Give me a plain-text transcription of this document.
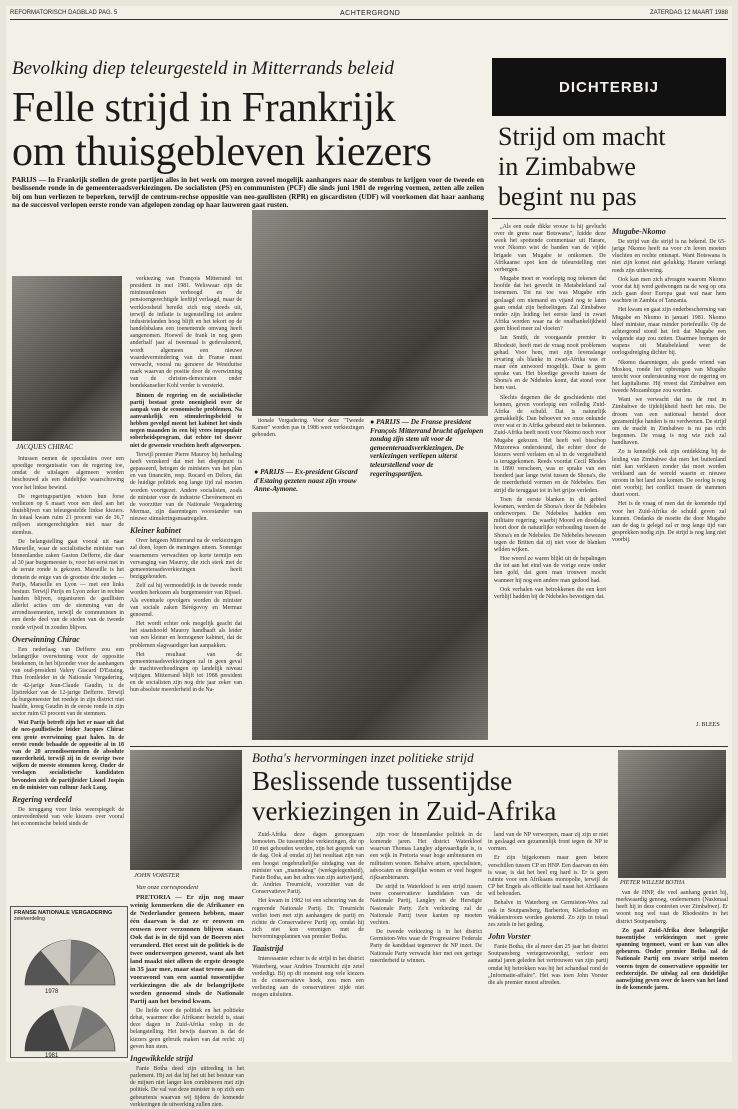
REFORMATORISCH DAGBLAD PAG. 5	ACHTERGROND	ZATERDAG 12 MAART 1988
Bevolking diep teleurgesteld in Mitterrands beleid
Felle strijd in Frankrijk
om thuisgebleven kiezers
PARIJS — In Frankrijk stellen de grote partijen alles in het werk om morgen zoveel mogelijk aanhangers naar de stembus te krijgen voor de tweede en beslissende ronde in de gemeenteraadsverkiezingen. De socialisten (PS) en communisten (PCF) die sinds juni 1981 de regering vormen, zetten alle zeilen bij om hun verliezen te beperken, terwijl de centrum-rechse oppositie van neo-gaullisten (RPR) en giscardisten (UDF) wil voorkomen dat haar aanhang na de succesvol verlopen eerste ronde van afgelopen zondag op haar lauweren gaat rusten.
JACQUES CHIRAC

Intussen nemen de speculaties over een spoedige reorganisatie van de regering toe, omdat de uitslagen algemeen worden beschouwd als een duidelijke waarschuwing voor het linkse bewind.

De regeringspartijen wisten hun forse verliezen op 6 maart voor een deel aan het thuisblijven van teleurgestelde linkse kiezers. In totaal kwam ruim 21 procent van de 36,7 miljoen stemgerechtigden niet naar de stembus.

De belangstelling gaat vooral uit naar Marseille, waar de socialistische minister van binnenlandse zaken Gaston Defferre, die daar al 30 jaar burgemeester is, voor het eerst met in de eerste ronde is gekozen. Marseille is het domein de enige van de grootste drie steden — Parijs, Marseille en Lyon — met een links bestuur. Terwijl Parijs en Lyon zeker in rechtse handen blijven, organiseren de gaullisten allerlei acties om de stemming van de arrondissementen, terwijl de communisten in een derde deel van de steden van de tweede ronde vrijwel in zouden blijven.

Overwinning Chirac

Een nederlaag van Defferre zou een belangrijke overwinning voor de oppositie betekenen, in het bijzonder voor de aanhangers van oud-president Valery Giscard D'Estaing. Hun frontleider in de Nationale Vergadering, de 42-jarige Jean-Claude Gaudin, is de lijsttrekker van de 12-jarige Defferre. Terwijl de burgemeester het roedsje in zijn district niet haalde, kreeg Gaudin in de eerste ronde in zijn sector ruim 63 procent van de stemmen.

Wat Parijs betreft zijn het er naar uit dat de neo-gaullistische leider Jacques Chirac een grote overwinning gaat halen. In de eerste ronde behaalde de oppositie al in 18 van de 20 arrondissementen de absolute meerderheid, terwijl zij in de overige twee wijken de meeste stemmen kreeg. Onder de verslagen socialistische kandidaten bevonden zich de partijleider Lionel Jospin en de minister van cultuur Jack Lang.

Regering verdeeld

De teruggang voor links weerspiegelt de ontevredenheid van vele kiezers over vooral het economische beleid sinds de

verkiezing van François Mitterrand tot president in mei 1981. Weliswaar zijn de minimumlonen verhoogd en de pensioengerechtigde leeftijd verlaagd, maar de werkloosheid bereikt zich nog steeds uit, terwijl de inflatie is tegenstelling tot andere industrielanden hoog blijft en het tekort op de handelsbalans een toenemende omvang heeft aangenomen. Hoewel de frank in nog geen anderhalf jaar al tweemaal is gedevalueerd, wordt algemeen een nieuwe waardevermindering van de Franse munt verwacht, vooral nu genoeve de Westduitse mark waarvan de positie door de overwinning van de christen-democraten onder bondskanselier Kohl verder is versterkt.

Binnen de regering en de socialistische partij bestaat grote onenigheid over de aanpak van de economische problemen. Na aanvankelijk een stimuleringsbeleid te hebben gevolgd meent het kabinet het sinds negen maanden in een bij vrees impopulair soberheidsprogram, dat echter tot dusver niet de gewenste vruchten heeft afgeworpen.

Terwijl premier Pierre Mauroy bij herhaling heeft verzekerd dat met het dieptepunt is gepasseerd, betogen de ministers van het plan en van financiën, resp. Rocard en Delors, dat de huidige politiek nog lange tijd zal moeten worden voortgezet. Andere socialisten, zoals de minister voor de industrie Chevènement en de voorzitter van de Nationale Vergadering Mermaz, zijn daarentegen voorstander van nieuwe stimuleringsmaatregelen.

Kleiner kabinet

Over hetgeen Mitterrand na de verkiezingen zal doen, lopen de meningen uiteen. Sommige waarnemers verwachten op korte termijn een vervanging van Mauroy, die zich sterk met de gemeenteraadsverkiezingen heeft beziggehouden.

Zelf zal hij vermoedelijk in de tweede ronde worden herkozen als burgemeester van Rijssel. Als eventuele opvolgers worden de minister van sociale zaken Bérégovoy en Mermaz genoemd.

Het wordt echter ook mogelijk geacht dat het staatshoofd Mauroy handhaaft als leider van een kleiner en homogener kabinet, dat de problemen slagvaardiger kan aanpakken.

Het resultaat van de gemeenteraadsverkiezingen zal in geen geval de machtsverhoudingen op landelijk niveau wijzigen. Mitterrand blijft tot 1988 president en de socialisten zijn nog drie jaar zeker van hun absolute meerderheid in de Na-

tionale Vergadering. Voor deze "Tweede Kamer" worden pas in 1986 weer verkiezingen gehouden.

● PARIJS — De Franse president François Mitterrand brucht afgelopen zondag zijn stem uit voor de gemeenteraadsverkiezingen. De verkiezingen verliepen uiterst teleurstellend voor de regeringspartijen.
● PARIJS — Ex-president Giscard d'Estaing gezeten naast zijn vrouw Anne-Aymone.
FRANSE NATIONALE VERGADERING
zetelverdeling
1978
1981
DICHTERBIJ
Strijd om macht
in Zimbabwe
begint nu pas

„Als een oude dikke vrouw is hij gevlucht over de grens naar Botswana", luidde deze week het spottende commentaar uit Harare, voor Nkomo wist de banden van de vijfde brigade van Mugabe te ontkomen. De Afrikaanse spot kon de teleurstelling niet verbergen.

Mugabe moet er voorlopig nog tekenen dat hoofde dat het gevecht in Matabeleland zal toenemen. Tot nu toe was Mugabe erin geslaagd om niemand en vijand nog te laten gaan omdat zijn bedoelingen. Zal Zimbabwe onder zijn leiding het eerste land in zwart Afrika worden waar na de onafhankelijkheid geen bloed meer zal vloeien?

Ian Smith, de voorgaande premier in Rhodesië, heeft met de vraag nooit problemen gehad. Voor hem, met zijn levenslange ervaring als blanke in zwart-Afrika was er maar één antwoord mogelijk. Daar is geen sprake van. Het bloedige gevecht tussen de Shona's en de Ndebeles komt, dat stond voor hem vast.

Slechts degenen die de geschiedenis niet kennen, geven voorlopig een volledig Zuid-Afrika de schuld. Dat is natuurlijk gemakkelijk. Dan behoeven we onze onkunde over wat er in Afrika gebeurd niet te bekennen. Zuid-Afrika heeft nooit voor Nkomo noch voor Mugabe gekozen. Het heeft wel bisschop Muzorewa ondersteund, die echter door de kiezers werd verlaten en al in de vergetelheid is teruggekomen. Reeds voordat Cecil Rhodes in 1890 verscheen, was er sprake van een honderd jaar lange twist tussen de Shona's, die de meerderheid vormen en de Ndebeles. Een strijd die teruggaat tot in het grijze verleden.

Toen de eerste blanken in dit gebied kwamen, werden de Shona's door de Ndebeles onderworpen. De Ndebeles hadden een militaire regering; waarbij Moord en doodslag hoort door de natuurlijke verhouding tussen de Shona's en de Ndebeles. De Ndebeles bewezen tegen de Britten dat zij niet voor de blanken wilden wijken.

Hoe weerd ze waren blijkt uit de bepalingen die tot aan het eind van de vorige eeuw onder hen gold, dat geen man trouwen mocht wanneer hij nog een andere man gedood had.

Ook verhalen van betrokkenen die een kort verblijf hadden bij de Ndebeles bevestigen dat.

Mugabe-Nkomo

De strijd van die strijd is na bekend. De 65-jarige Nkomo heeft na voor z'n leven moeten vluchten en rechte ontsnapt. Want Botswana is niet zijn komst niet gelukkig. Harare verlangt reeds zijn uitlevering.

Ook kan men zich afvragen waarom Nkomo voor dat hij werd gedwongen na de weg op ons zich gaan door Europa gaat wat naar hem wachten in Zambia of Tanzania.

Het kwam en gaat zijn onderbescherming van Mugabe en Nkomo in januari 1981. Nkomo bleef minister, maar minder portefeuille. Op de achtergrond stond het feit dat Mugabe een volgende stap zou zetten. Daarmee brengen de wapens uit Matabeleland weer de oorlogsdreiging dichter bij.

Nkomo daarentegen, als goede vriend van Moskou, ronde het opbrengen van Mugabe terecht voor ondersteuning voor de regering en het kapitalisme. Hij vreest dat Zimbabwe een tweede Mozambique zou worden.

Want we verwacht dat na de rust in Zimbabwe de tijdelijkheid heeft het mis. De droom van een nationaal herstel door gezamenlijke handen is nu verdwenen. De strijd om de macht in Zimbabwe is nu pas echt begonnen. De vraag is nog wie zich zal handhaven.

Zo is kennelijk ook zijn ontdekking bij de leiding van Zimbabwe dat men het buitenland niet kan verklaren zonder dat moet worden verklaard aan de wereld waarin er nieuwe stroom in het land zou komen. De oorlog is nog niet voorbij; het conflict tussen de stammen duurt voort.

Het is de vraag of men dat de komende tijd voor het Zuid-Afrika de schuld geven zal kunnen. Ondanks de moeite die door Mugabe aan de dag is gelegd zal er nog lange tijd van gesprekken nodig zijn. De strijd is nog lang niet voorbij.

J. BLEES
JOHN VORSTER
Botha's hervormingen inzet politieke strijd
Beslissende tussentijdse
verkiezingen in Zuid-Afrika
PIETER WILLEM BOTHA
Van onze correspondent

PRETORIA — Er zijn nog maar weinig kenmerken die de Afrikaner en de Nederlander gemeen hebben, maar één daarvan is dat ze er eeuwen en eeuwen over verzonnen blijven staan. Ook dat is in de tijd van de Boeren niet veranderd. Het eerst uit de politiek is de twee onderwerpen geweest, want als het land maakt niet alleen de ergste droogte in 35 jaar mee, maar staat tevens aan de vooravond van een aantal tussentijdse verkiezingen die als de belangrijkste worden genoemd sinds de Nationale Partij aan het bewind kwam.

De liefde voor de politiek en het politieke debat, waarmee elke Afrikaner bezield is, staat deze dagen in Zuid-Afrika volop in de belangstelling. Het bewijs daarvan is dat de kiezers geen gebruik maken van dat recht: zij geven hun stem.

Ingewikkelde strijd

Fanie Botha deed zijn uittreding in het parlement. Hij zei dat hij het uit het bestuur van de mijnen niet langer kon combineren met zijn politiek. De val van deze minister is op zich een gebeurtenis waarvan wij tijdens de komende verkiezingen de uitwerking zullen zien.

Zuid-Afrika deze dagen genoegzaam bemoeien. De tussentijdse verkiezingen, die op 10 mei gehouden worden, zijn het gesprek van de dag. Ook al omdat zij het resultaat zijn van een hoogst ongebruikelijke uitdaging van de minister van „mannekrag" (werkgelegenheid), Fanie Botha, aan het adres van zijn aartsvijand, dr. Andries Treurnicht, voorzitter van de Conservatieve Partij.

Het kwam in 1982 tot een scheuring van de regerende Nationale Partij. Dr. Treurnicht verliet toen met zijn aanhangers de partij en richtte de Conservatieve Partij op, omdat hij zich niet kon verenigen met de hervormingsplannen van premier Botha.

Taaistrijd

Interessanter echter is de strijd in het district Waterberg, waar Andries Treurnicht zijn zetel verdedigt. Bij op dit moment nog vele kiezers in de conservatieve hoek, zou men een verliezing aan de conservatieve zijde niet mogen uitsluiten.

zijn voor de binnenlandse politiek in de komende jaren. Het district Waterkloof waarvan Thomas Langley afgevaardigde is, is een wijk in Pretoria waar hoge ambtenaren en militairen wonen. Behalve artsen, specialisten, advocaten en dergelijke wonen er veel hogere rijksambtenaren.

De strijd in Waterkloof is een strijd tussen twee conservatieve kandidaten van de Nationale Partij, Langley en de Herstigte Nasionale Party. Zo'n verkiezing zal de Nationale Partij twee kanten op moeten vechten.

De tweede verkiezing is in het district Germiston-Wes waar de Progressieve Federale Party de kandidaat tegenover de NP inzet. De Nationale Party verwacht hier met een geringe meerderheid te winnen.

land van de NP verworpen, maar zij zijn er niet in geslaagd een gezamenlijk front tegen de NP te vormen.

Er zijn bijgekomen maar geen betere verschillen tussen CP en HNP. Een daarvan en één is waar, is dat het heel erg hard is. Er is geen ruimte voor een Afrikaans monopolie, terwijl de CP het Engels als officiële taal naast het Afrikaans wil behouden.

Behalve in Waterberg en Germiston-Wes zal ook in Soutpansberg, Barberton, Klerksdorp en Wakkerstroom worden gestemd. Zo zijn in totaal zes zetels in het geding.

John Vorster

Fanie Botha, die al meer dan 25 jaar het district Soutpansberg vertegenwoordigt, verloor een aantal jaren geleden het vertrouwen van zijn partij omdat hij betrokken was bij het schandaal rond de „Informatie-affaire". Het was toen John Vorster die als premier moest aftreden.

van de HNP, die veel aanhang geniet bij, merkwaardig genoeg, ondernemers (Nasionaal heeft hij in deze contreien over Zimbabwe). Er woont nog wel vaat de Rhodesiërs in het district Soutpansberg.

Zo gaat Zuid-Afrika deze belangrijke tussentijdse verkiezingen met grote spanning tegemoet, want er kan van alles gebeuren. Onder premier Botha zal de Nationale Partij een zware strijd moeten voeren tegen de conservatieve oppositie ter rechterzijde. De uitslag zal een duidelijke aanwijzing geven over de koers van het land in de komende jaren.
